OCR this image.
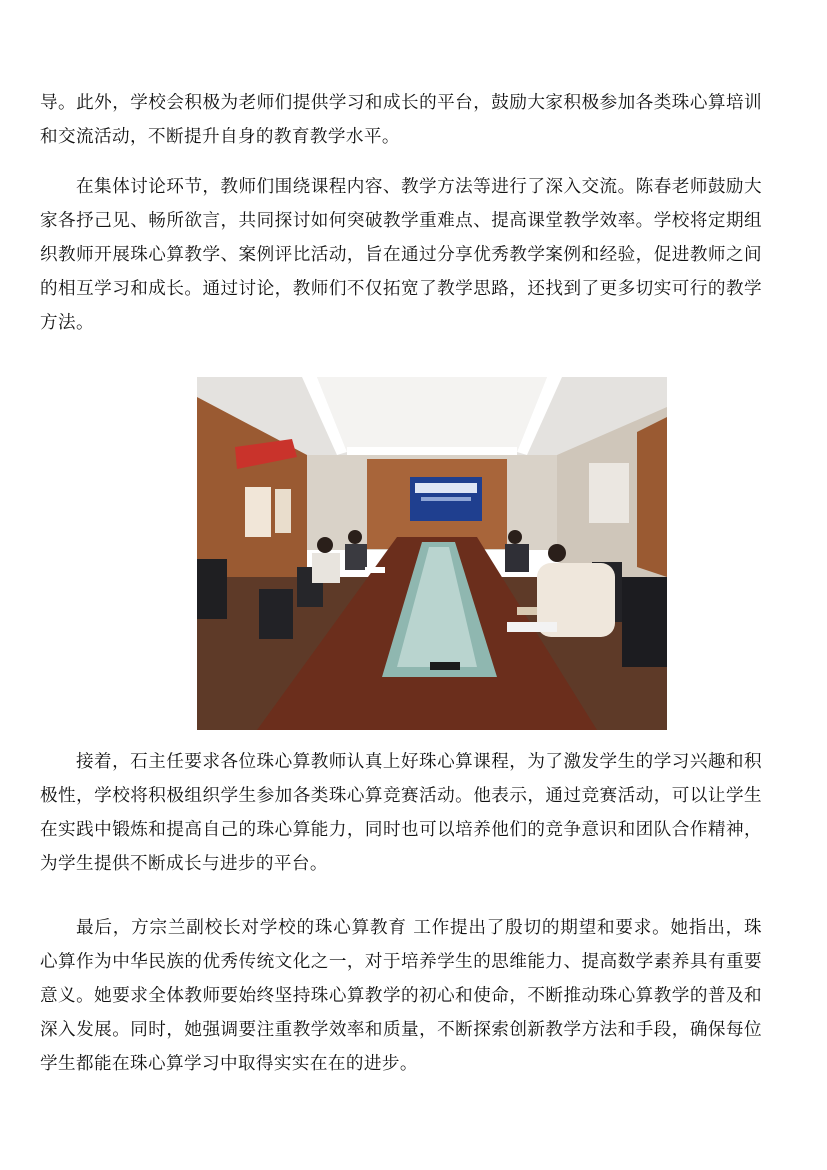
导。此外，学校会积极为老师们提供学习和成长的平台，鼓励大家积极参加各类珠心算培训和交流活动，不断提升自身的教育教学水平。

在集体讨论环节，教师们围绕课程内容、教学方法等进行了深入交流。陈春老师鼓励大家各抒己见、畅所欲言，共同探讨如何突破教学重难点、提高课堂教学效率。学校将定期组织教师开展珠心算教学、案例评比活动，旨在通过分享优秀教学案例和经验，促进教师之间的相互学习和成长。通过讨论，教师们不仅拓宽了教学思路，还找到了更多切实可行的教学方法。

接着，石主任要求各位珠心算教师认真上好珠心算课程，为了激发学生的学习兴趣和积极性，学校将积极组织学生参加各类珠心算竞赛活动。他表示，通过竞赛活动，可以让学生在实践中锻炼和提高自己的珠心算能力，同时也可以培养他们的竞争意识和团队合作精神，为学生提供不断成长与进步的平台。

最后，方宗兰副校长对学校的珠心算教育 工作提出了殷切的期望和要求。她指出，珠心算作为中华民族的优秀传统文化之一，对于培养学生的思维能力、提高数学素养具有重要意义。她要求全体教师要始终坚持珠心算教学的初心和使命，不断推动珠心算教学的普及和深入发展。同时，她强调要注重教学效率和质量，不断探索创新教学方法和手段，确保每位学生都能在珠心算学习中取得实实在在的进步。
